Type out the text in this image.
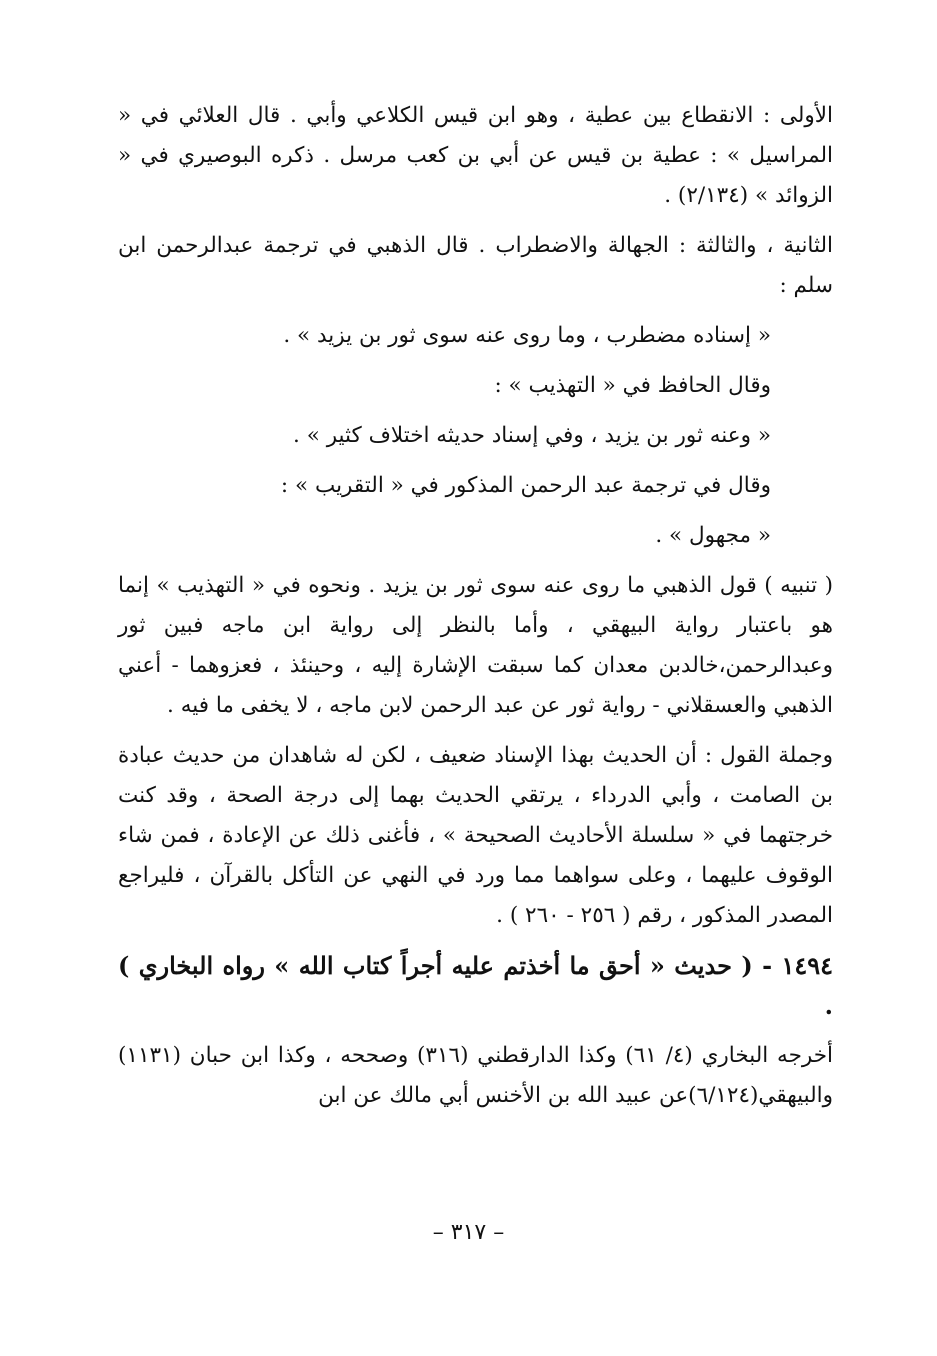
الأولى : الانقطاع بين عطية ، وهو ابن قيس الكلاعي وأبي . قال العلائي في « المراسيل » : عطية بن قيس عن أبي بن كعب مرسل . ذكره البوصيري في « الزوائد » (٢/١٣٤) .

الثانية ، والثالثة : الجهالة والاضطراب . قال الذهبي في ترجمة عبدالرحمن ابن سلم :

« إسناده مضطرب ، وما روى عنه سوى ثور بن يزيد » .

وقال الحافظ في « التهذيب » :

« وعنه ثور بن يزيد ، وفي إسناد حديثه اختلاف كثير » .

وقال في ترجمة عبد الرحمن المذكور في « التقريب » :

« مجهول » .

( تنبيه ) قول الذهبي ما روى عنه سوى ثور بن يزيد . ونحوه في « التهذيب » إنما هو باعتبار رواية البيهقي ، وأما بالنظر إلى رواية ابن ماجه فبين ثور وعبدالرحمن،خالدبن معدان كما سبقت الإشارة إليه ، وحينئذ ، فعزوهما - أعني الذهبي والعسقلاني - رواية ثور عن عبد الرحمن لابن ماجه ، لا يخفى ما فيه .

وجملة القول : أن الحديث بهذا الإسناد ضعيف ، لكن له شاهدان من حديث عبادة بن الصامت ، وأبي الدرداء ، يرتقي الحديث بهما إلى درجة الصحة ، وقد كنت خرجتهما في « سلسلة الأحاديث الصحيحة » ، فأغنى ذلك عن الإعادة ، فمن شاء الوقوف عليهما ، وعلى سواهما مما ورد في النهي عن التأكل بالقرآن ، فليراجع المصدر المذكور ، رقم ( ٢٥٦ - ٢٦٠ ) .

١٤٩٤ - ( حديث « أحق ما أخذتم عليه أجراً كتاب الله » رواه البخاري ) .

أخرجه البخاري (٤/ ٦١) وكذا الدارقطني (٣١٦) وصححه ، وكذا ابن حبان (١١٣١) والبيهقي(٦/١٢٤)عن عبيد الله بن الأخنس أبي مالك عن ابن

– ٣١٧ –
